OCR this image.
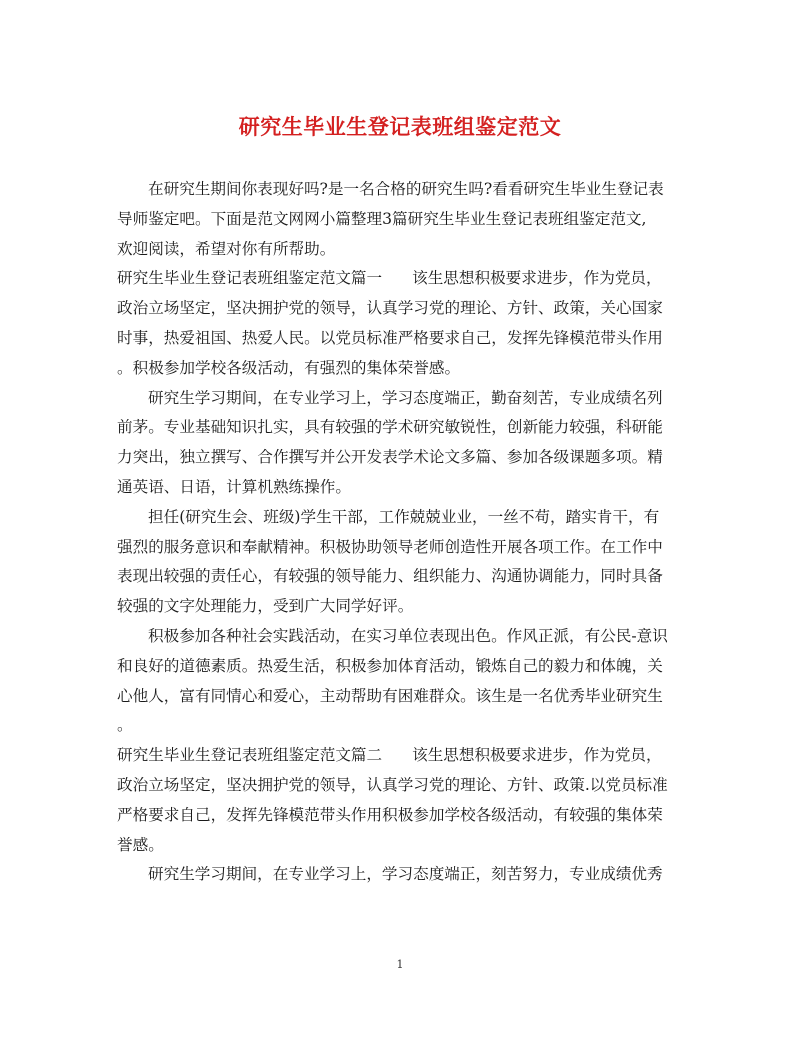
研究生毕业生登记表班组鉴定范文
在研究生期间你表现好吗?是一名合格的研究生吗?看看研究生毕业生登记表
导师鉴定吧。下面是范文网网小篇整理3篇研究生毕业生登记表班组鉴定范文,
欢迎阅读，希望对你有所帮助。
研究生毕业生登记表班组鉴定范文篇一 该生思想积极要求进步，作为党员，
政治立场坚定，坚决拥护党的领导，认真学习党的理论、方针、政策，关心国家
时事，热爱祖国、热爱人民。以党员标准严格要求自己，发挥先锋模范带头作用
。积极参加学校各级活动，有强烈的集体荣誉感。
研究生学习期间，在专业学习上，学习态度端正，勤奋刻苦，专业成绩名列
前茅。专业基础知识扎实，具有较强的学术研究敏锐性，创新能力较强，科研能
力突出，独立撰写、合作撰写并公开发表学术论文多篇、参加各级课题多项。精
通英语、日语，计算机熟练操作。
担任(研究生会、班级)学生干部，工作兢兢业业，一丝不苟，踏实肯干，有
强烈的服务意识和奉献精神。积极协助领导老师创造性开展各项工作。在工作中
表现出较强的责任心，有较强的领导能力、组织能力、沟通协调能力，同时具备
较强的文字处理能力，受到广大同学好评。
积极参加各种社会实践活动，在实习单位表现出色。作风正派，有公民-意识
和良好的道德素质。热爱生活，积极参加体育活动，锻炼自己的毅力和体魄，关
心他人，富有同情心和爱心，主动帮助有困难群众。该生是一名优秀毕业研究生
。
研究生毕业生登记表班组鉴定范文篇二 该生思想积极要求进步，作为党员，
政治立场坚定，坚决拥护党的领导，认真学习党的理论、方针、政策.以党员标准
严格要求自己，发挥先锋模范带头作用积极参加学校各级活动，有较强的集体荣
誉感。
研究生学习期间，在专业学习上，学习态度端正，刻苦努力，专业成绩优秀
1
